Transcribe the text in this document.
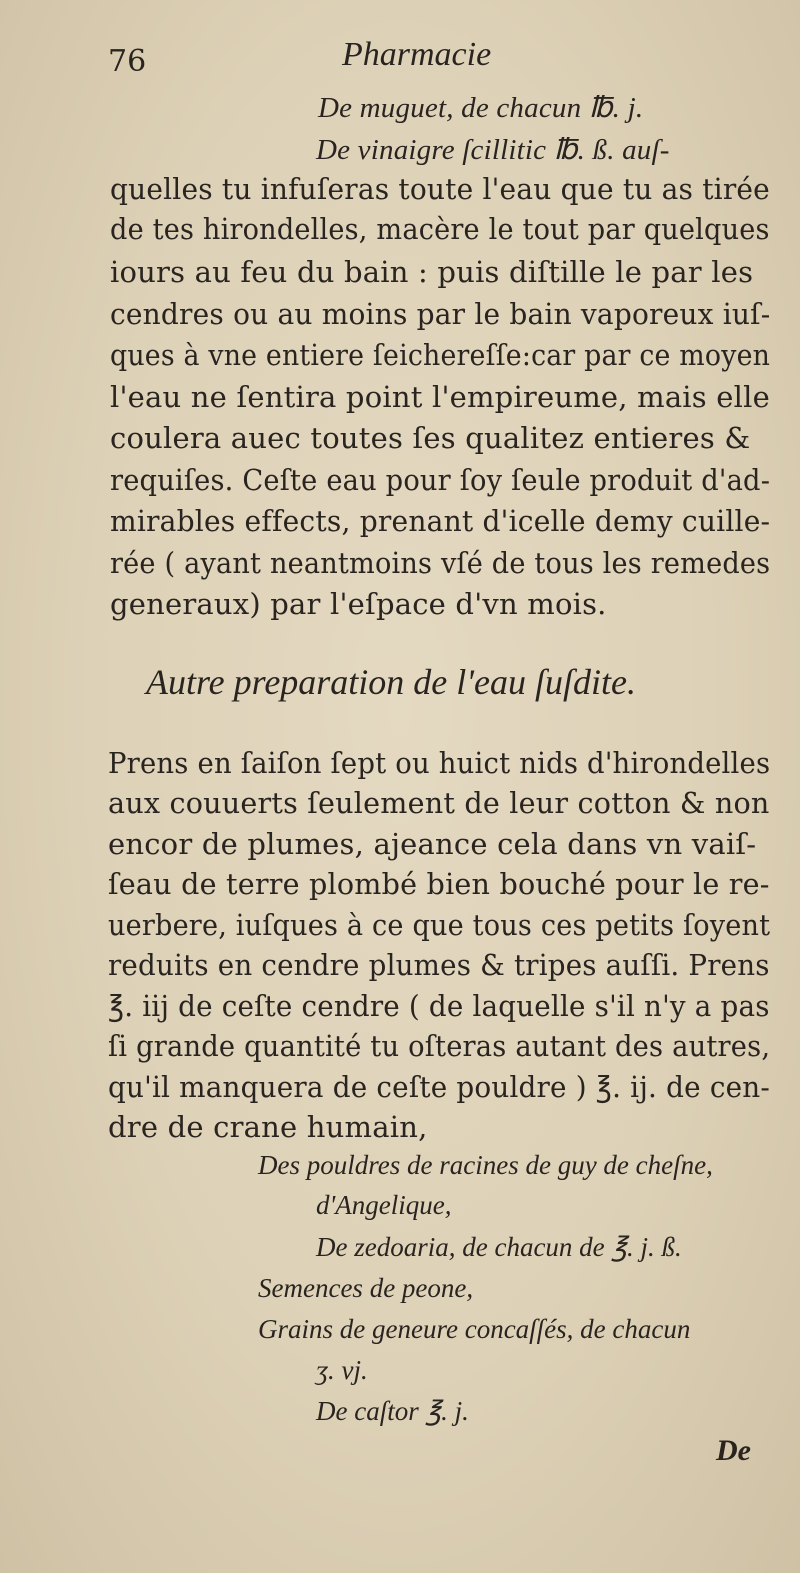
76	Pharmacie
De muguet, de chacun ℔. j.
De vinaigre ſcillitic ℔. ß. auſ-
quelles tu infuſeras toute l'eau que tu as tirée
de tes hirondelles, macère le tout par quelques
iours au feu du bain : puis diſtille le par les
cendres ou au moins par le bain vaporeux iuſ-
ques à vne entiere ſeichereſſe:car par ce moyen
l'eau ne ſentira point l'empireume, mais elle
coulera auec toutes ſes qualitez entieres &
requiſes. Ceſte eau pour ſoy ſeule produit d'ad-
mirables effects, prenant d'icelle demy cuille-
rée ( ayant neantmoins vſé de tous les remedes
generaux) par l'eſpace d'vn mois.
Autre preparation de l'eau ſuſdite.
Prens en ſaiſon ſept ou huict nids d'hirondelles
aux couuerts ſeulement de leur cotton & non
encor de plumes, ajeance cela dans vn vaiſ-
ſeau de terre plombé bien bouché pour le re-
uerbere, iuſques à ce que tous ces petits ſoyent
reduits en cendre plumes & tripes auſſi. Prens
℥. iij de ceſte cendre ( de laquelle s'il n'y a pas
ſi grande quantité tu oſteras autant des autres,
qu'il manquera de ceſte pouldre ) ℥. ij. de cen-
dre de crane humain,
Des pouldres de racines de guy de cheſne,
d'Angelique,
De zedoaria, de chacun de ℥. j. ß.
Semences de peone,
Grains de geneure concaſſés, de chacun
ʒ. vj.
De caſtor ℥. j.
De
